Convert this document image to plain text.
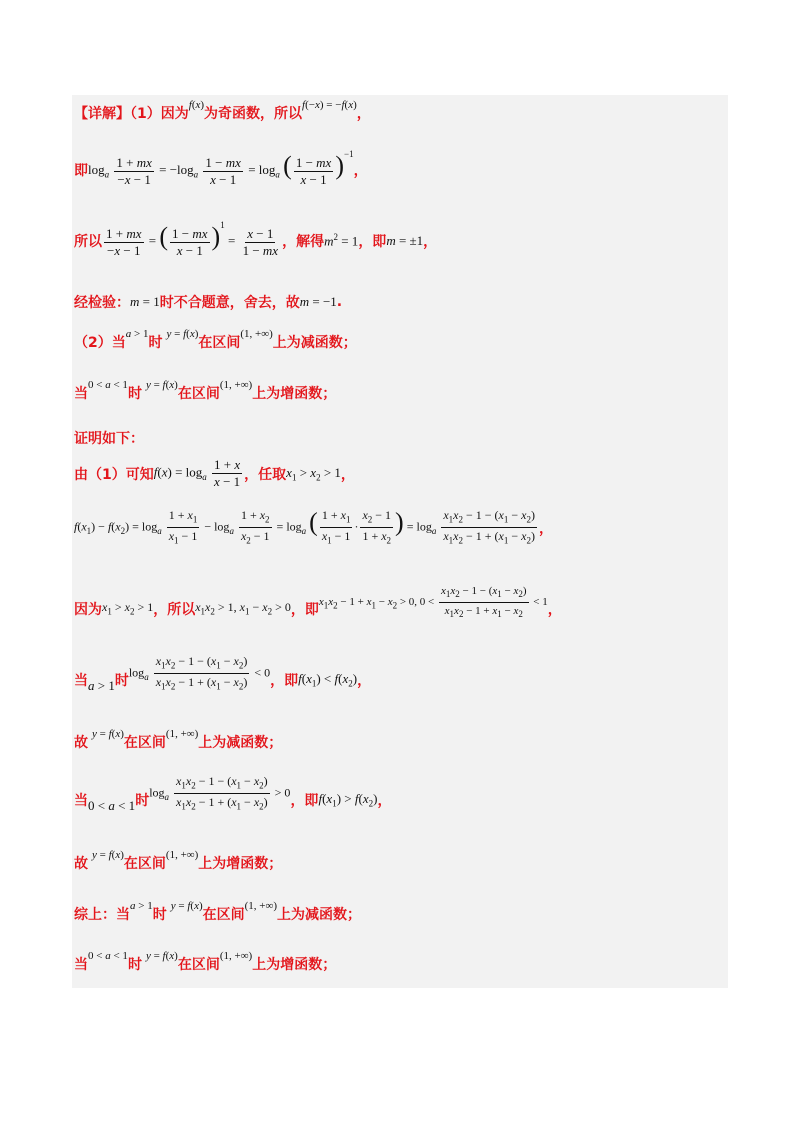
【详解】（1）因为
f(x)
为奇函数，所以
f(−x) = −f(x)
，
即 $\log_a \frac{1 + mx}{-x - 1} = -\log_a \frac{1 - mx}{x - 1} = \log_a$ ( $\frac{1 - mx}{x - 1} )^{-1}$
，
所以 $\frac{1 + mx}{-x - 1}$ = ( $\frac{1 - mx}{x - 1} )^1 = \frac{x - 1}{1 - mx}$ ，解得 $m^2 = 1$ ，即 m = ±1 ，
经检验： m = 1 时不合题意，舍去，故 m = −1 .
（2）当
a > 1
时
y = f(x)
在区间
(1, +∞)
上为减函数；
当
0 < a < 1
时
y = f(x)
在区间
(1, +∞)
上为增函数；
证明如下：
由（1）可知 $f(x) = \log_a \frac{1 + x}{x - 1}$ ，任取 $x_1 > x_2 > 1$ ，
$f(x_1) - f(x_2) = \log_a \frac{1 + x_1}{x_1 - 1} - \log_a \frac{1 + x_2}{x_2 - 1} = \log_a$ ( $\frac{1 + x_1}{x_1 - 1} \cdot \frac{x_2 - 1}{1 + x_2}$ ) = $\log_a \frac{x_1x_2 - 1 - (x_1 - x_2)}{x_1x_2 - 1 + (x_1 - x_2)}$ ，
因为 $x_1 > x_2 > 1$ ，所以 $x_1x_2 > 1$, $x_1 - x_2 > 0$ ，即 $x_1x_2 - 1 + x_1 - x_2 > 0$, $0 < \frac{x_1x_2 - 1 - (x_1 - x_2)}{x_1x_2 - 1 + x_1 - x_2} < 1$ ，
当 a > 1 时
$\log_a \frac{x_1x_2 - 1 - (x_1 - x_2)}{x_1x_2 - 1 + (x_1 - x_2)} < 0$
，即 $f(x_1) < f(x_2)$ ，
故
y = f(x)
在区间
(1, +∞)
上为减函数；
当 0 < a < 1 时
$\log_a \frac{x_1x_2 - 1 - (x_1 - x_2)}{x_1x_2 - 1 + (x_1 - x_2)} > 0$
，即 $f(x_1) > f(x_2)$ ，
故
y = f(x)
在区间
(1, +∞)
上为增函数；
综上：当
a > 1
时
y = f(x)
在区间
(1, +∞)
上为减函数；
当
0 < a < 1
时
y = f(x)
在区间
(1, +∞)
上为增函数；
